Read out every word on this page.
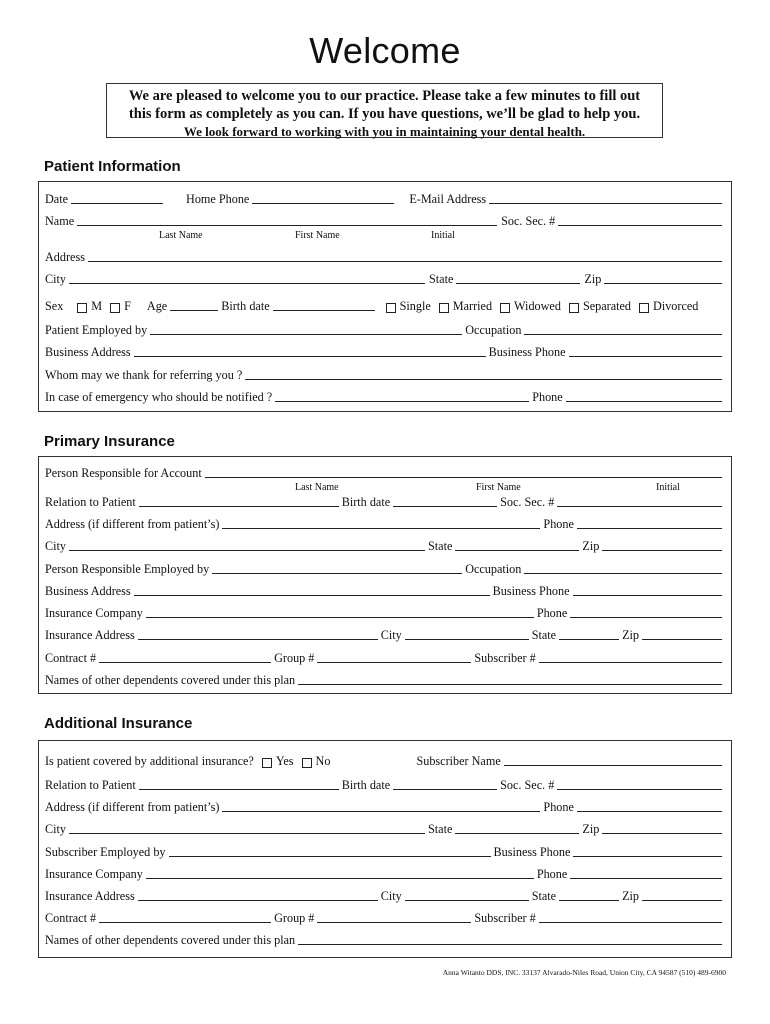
Welcome
We are pleased to welcome you to our practice. Please take a few minutes to fill out
this form as completely as you can. If you have questions, we’ll be glad to help you.
We look forward to working with you in maintaining your dental health.
Patient Information
Date	Home Phone	E-Mail Address
Name	Soc. Sec. #
Last Name	First Name	Initial
Address
City	State	Zip
Sex M F Age	Birth date	Single Married Widowed Separated Divorced
Patient Employed by	Occupation
Business Address	Business Phone
Whom may we thank for referring you ?
In case of emergency who should be notified ?	Phone
Primary Insurance
Person Responsible for Account
Last Name	First Name	Initial
Relation to Patient	Birth date	Soc. Sec. #
Address (if different from patient’s)	Phone
City	State	Zip
Person Responsible Employed by	Occupation
Business Address	Business Phone
Insurance Company	Phone
Insurance Address	City	State	Zip
Contract #	Group #	Subscriber #
Names of other dependents covered under this plan
Additional Insurance
Is patient covered by additional insurance? Yes No	Subscriber Name
Relation to Patient	Birth date	Soc. Sec. #
Address (if different from patient’s)	Phone
City	State	Zip
Subscriber Employed by	Business Phone
Insurance Company	Phone
Insurance Address	City	State	Zip
Contract #	Group #	Subscriber #
Names of other dependents covered under this plan
Anna Witanto DDS, INC. 33137 Alvarado-Niles Road, Union City, CA 94587 (510) 489-6900
